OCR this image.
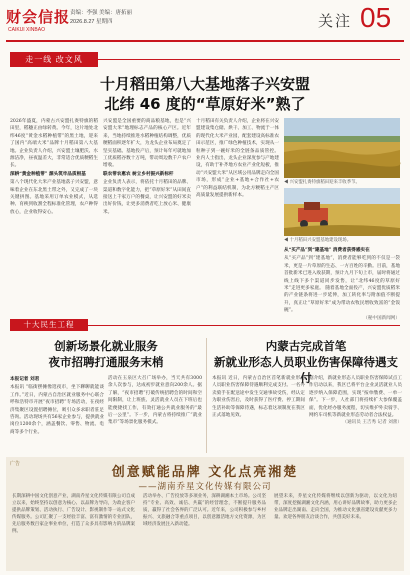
财会信报
CAIKUI XINBAO
责编：李强 美编：唐拓丽
2026.8.27 星期四	关注 05
走一线 改文风
十月稻田第八大基地落子兴安盟
北纬 46 度的“草原好米”熟了
2026年盛夏，内蒙古兴安盟扎赉特旗的稻田里，稻穗正由绿转黄。今年，这片地处北纬46度“黄金水稻种植带”的黑土地，迎来了国内“高端大米”品牌十月稻田第八大基地。企业负责人介绍，兴安盟土壤肥沃、水源洁净，昼夜温差大，非常适合优质粳稻生长。
深耕“黄金种植带” 源头筑牢品质根基
第八个现代化大米产业基地落子兴安盟，意味着企业在东北黑土带之外，又完成了一块关键拼图。基地采用订单农业模式，从选种、育秧到收割全程标准化管理，农户种得放心，企业收得安心。
兴安盟是全国重要的商品粮基地，也是“兴安盟大米”地理标志产品的核心产区。近年来，当地持续推进水稻种植结构调整，优质粳稻面积逐年扩大，为龙头企业布局奠定了坚实基础。基地投产后，预计每年可就地加工优质稻谷数十万吨，带动周边数千户农户增收。
联农带农惠农 树立乡村振兴新标杆
企业负责人表示，将依托十月稻田的品牌、渠道和数字化能力，把“草原好米”从田间直接送上千家万户的餐桌，让兴安盟的好米卖出好价钱，让更多消费者吃上放心米、健康米。
十月稻田有关负责人介绍，企业将在兴安盟建设集仓储、烘干、加工、物流于一体的现代化大米产业园，配套建设高标准农田示范区，推广绿色种植技术，实现从一粒种子到一碗好米的全链条品质管控。 业内人士指出，龙头企业深度参与产地建设，有助于补齐地方农业产业化短板，推动“兴安盟大米”从区域公用品牌走向全国市场，形成“企业+基地+合作社+农户”的利益联结机制，为北方粳稻主产区高质量发展提供新样本。
◀ 兴安盟扎赉特旗稻田迎来丰收季节。
◀ 十月稻田兴安盟基地建设现场。
从“买产品”到“建基地” 消费者获得感实在
从“买产品”到“建基地”，消费者能够吃到的不仅是一袋米，更是一片草原的生态、一方百姓的辛勤。目前，基地首批新米已进入收获期，预计九月下旬上市，届时将通过线上线下多个渠道同步发售，让“北纬46度的草原好米”走进更多家庭。 随着基地全面投产，兴安盟优质稻米的产业链条将进一步延伸，加工转化率与附加值不断提升，真正让“草原好米”成为带动农牧民增收致富的“金饭碗”。
（秘中国新闻网）
十大民生工程
创新场景化就业服务
夜市招聘打通服务末梢
本报记者 刘君
本报讯 “临街摆摊像逛夜市，坐下聊聊就能谈工作。”近日，内蒙古自治区就业服务中心联合呼和浩特市开展“夜市招聘”专场活动，在夜经济集聚区设置招聘摊位，吸引众多求职者驻足咨询。活动现场共有56家企业参与，提供就业岗位1200余个，涵盖餐饮、零售、物流、电商等多个行业。
活动在玉泉区大召广场举办，当天共有3000余人次参与，达成初步就业意向200余人。据了解，“夜市招聘”打破传统招聘会的时间和空间限制，让上班族、灵活就业人员在下班后也能便捷找工作，有效打通公共就业服务的“最后一公里”。下一步，内蒙古将持续推广“就业集市”等场景化服务模式。
内蒙古完成首笔
新就业形态人员职业伤害保障待遇支付
本报讯 近日，内蒙古自治区首笔新就业形态人员职业伤害保障待遇顺利完成支付。一名外卖骑手在配送途中发生交通事故受伤，经认定为职业伤害后，及时获得了医疗费、停工期间生活补助等保障待遇，标志着这项制度在我区正式落地见效。
据介绍，新就业形态人员职业伤害保障试点工作启动以来，我区已将平台企业灵活就业人员逐步纳入保障范围，实现“按单缴费、一单一保”。下一步，人社部门将持续扩大参保覆盖面，优化经办服务流程，切实维护外卖骑手、网约车司机等新就业形态劳动者合法权益。
（通讯员 王吉秀 记者 刘蕾）
广告
创意赋能品牌 文化点亮湘楚
——湖南乔星文化传媒有限公司
长期深耕中国文化创意产业，湖南乔星文化传媒有限公司自成立以来，始终坚持以创意为核心、以品牌为导向，为政企客户提供品牌策划、活动执行、广告设计、影视制作等一站式文化传媒服务。公司汇聚了一支经验丰富、富有激情的专业团队，先后服务数百家企事业单位，打造了众多具有影响力的品牌案例。
活动举办、广告投放等多项业务，深耕湖湘本土市场。公司坚持“专业、高效、诚信、共赢”的经营理念，不断提升服务品质，赢得了社会各界的广泛认可。近年来，公司积极参与乡村振兴、文旅融合等重点项目，以创意激活地方文化资源，为区域经济发展注入新动能。
展望未来，乔星文化传媒将继续以创新为驱动，以文化为纽带，深度挖掘湖湘文化内涵，用心讲好品牌故事，助力更多企业品牌走出湖南、走向全国，为推动文化强省建设贡献更多力量。欢迎各界朋友洽谈合作，共创美好未来。
